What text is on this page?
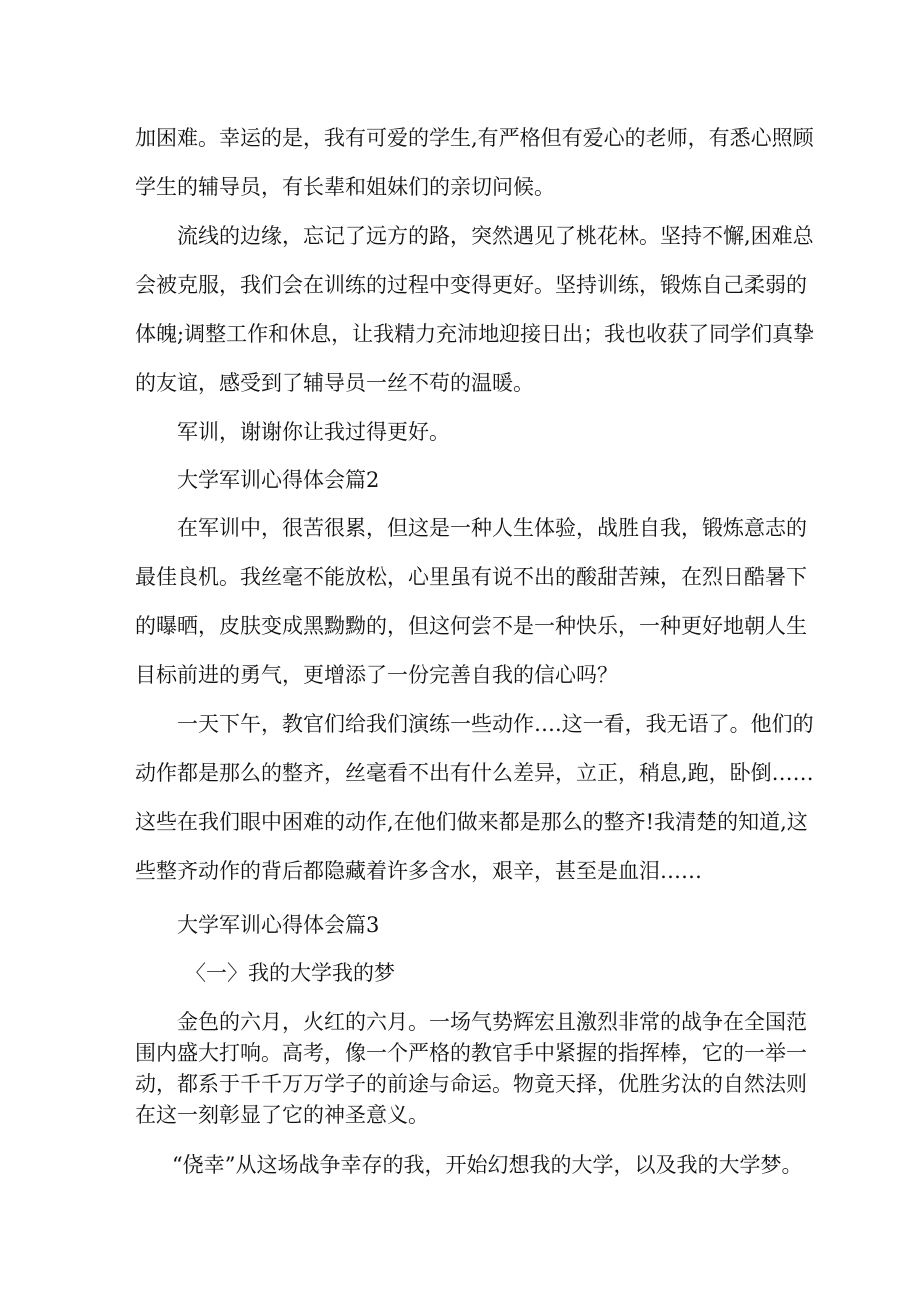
加困难。幸运的是，我有可爱的学生,有严格但有爱心的老师，有悉心照顾
学生的辅导员，有长辈和姐妹们的亲切问候。
流线的边缘，忘记了远方的路，突然遇见了桃花林。坚持不懈,困难总
会被克服，我们会在训练的过程中变得更好。坚持训练，锻炼自己柔弱的
体魄;调整工作和休息，让我精力充沛地迎接日出；我也收获了同学们真挚
的友谊，感受到了辅导员一丝不苟的温暖。
军训，谢谢你让我过得更好。
大学军训心得体会篇2
在军训中，很苦很累，但这是一种人生体验，战胜自我，锻炼意志的
最佳良机。我丝毫不能放松，心里虽有说不出的酸甜苦辣，在烈日酷暑下
的曝晒，皮肤变成黑黝黝的，但这何尝不是一种快乐，一种更好地朝人生
目标前进的勇气，更增添了一份完善自我的信心吗？
一天下午，教官们给我们演练一些动作….这一看，我无语了。他们的
动作都是那么的整齐，丝毫看不出有什么差异，立正，稍息,跑，卧倒……
这些在我们眼中困难的动作,在他们做来都是那么的整齐!我清楚的知道,这
些整齐动作的背后都隐藏着许多含水，艰辛，甚至是血泪……
大学军训心得体会篇3
〈一〉我的大学我的梦
金色的六月，火红的六月。一场气势辉宏且激烈非常的战争在全国范
围内盛大打响。高考，像一个严格的教官手中紧握的指挥棒，它的一举一
动，都系于千千万万学子的前途与命运。物竟天择，优胜劣汰的自然法则
在这一刻彰显了它的神圣意义。
“侥幸”从这场战争幸存的我，开始幻想我的大学，以及我的大学梦。
